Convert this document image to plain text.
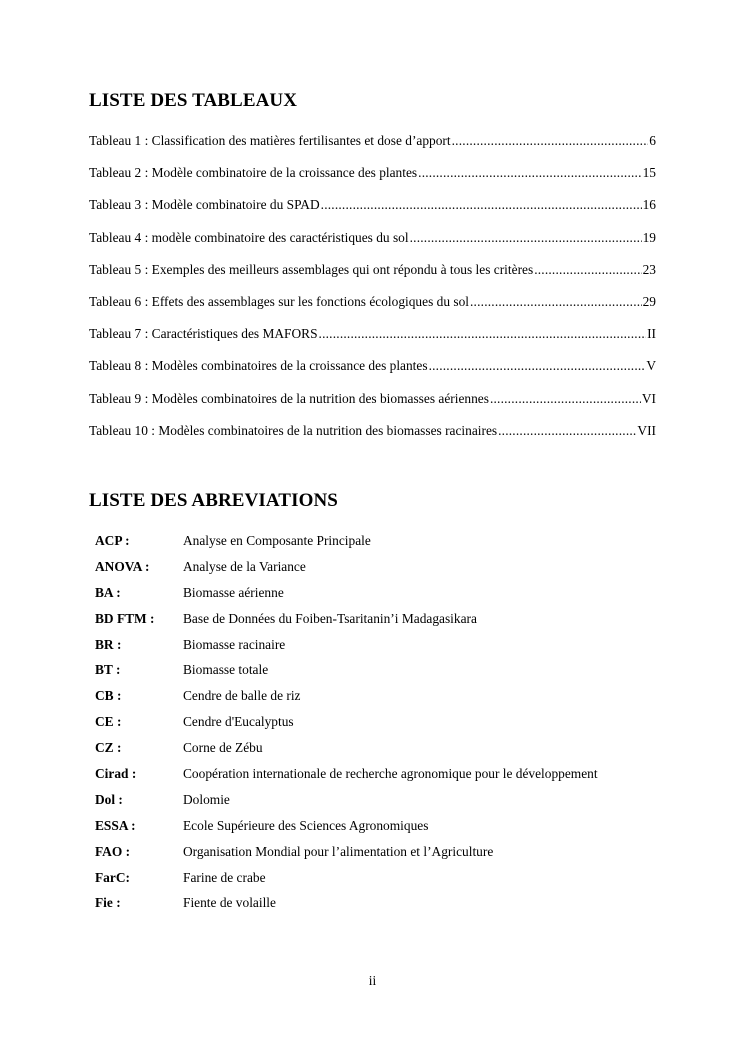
LISTE DES TABLEAUX
Tableau 1 : Classification des matières fertilisantes et dose d’apport .....	6
Tableau 2 : Modèle combinatoire de la croissance des plantes .....	15
Tableau 3 : Modèle combinatoire du SPAD .....	16
Tableau 4 : modèle combinatoire des caractéristiques du sol .....	19
Tableau 5 : Exemples des meilleurs assemblages qui ont répondu à tous les critères .....	23
Tableau 6 : Effets des assemblages sur les fonctions écologiques du sol .....	29
Tableau 7 : Caractéristiques des MAFORS .....	II
Tableau 8 : Modèles combinatoires de la croissance des plantes .....	V
Tableau 9 : Modèles combinatoires de la nutrition des biomasses aériennes .....	VI
Tableau 10 : Modèles combinatoires de la nutrition des biomasses racinaires .....	VII
LISTE DES ABREVIATIONS
ACP :	Analyse en Composante Principale
ANOVA :	Analyse de la Variance
BA :	Biomasse aérienne
BD FTM :	Base de Données du Foiben-Tsaritanin’i Madagasikara
BR :	Biomasse racinaire
BT :	Biomasse totale
CB :	Cendre de balle de riz
CE :	Cendre d'Eucalyptus
CZ :	Corne de Zébu
Cirad :	Coopération internationale de recherche agronomique pour le développement
Dol :	Dolomie
ESSA :	Ecole Supérieure des Sciences Agronomiques
FAO :	Organisation Mondial pour l’alimentation et l’Agriculture
FarC:	Farine de crabe
Fie :	Fiente de volaille
ii
